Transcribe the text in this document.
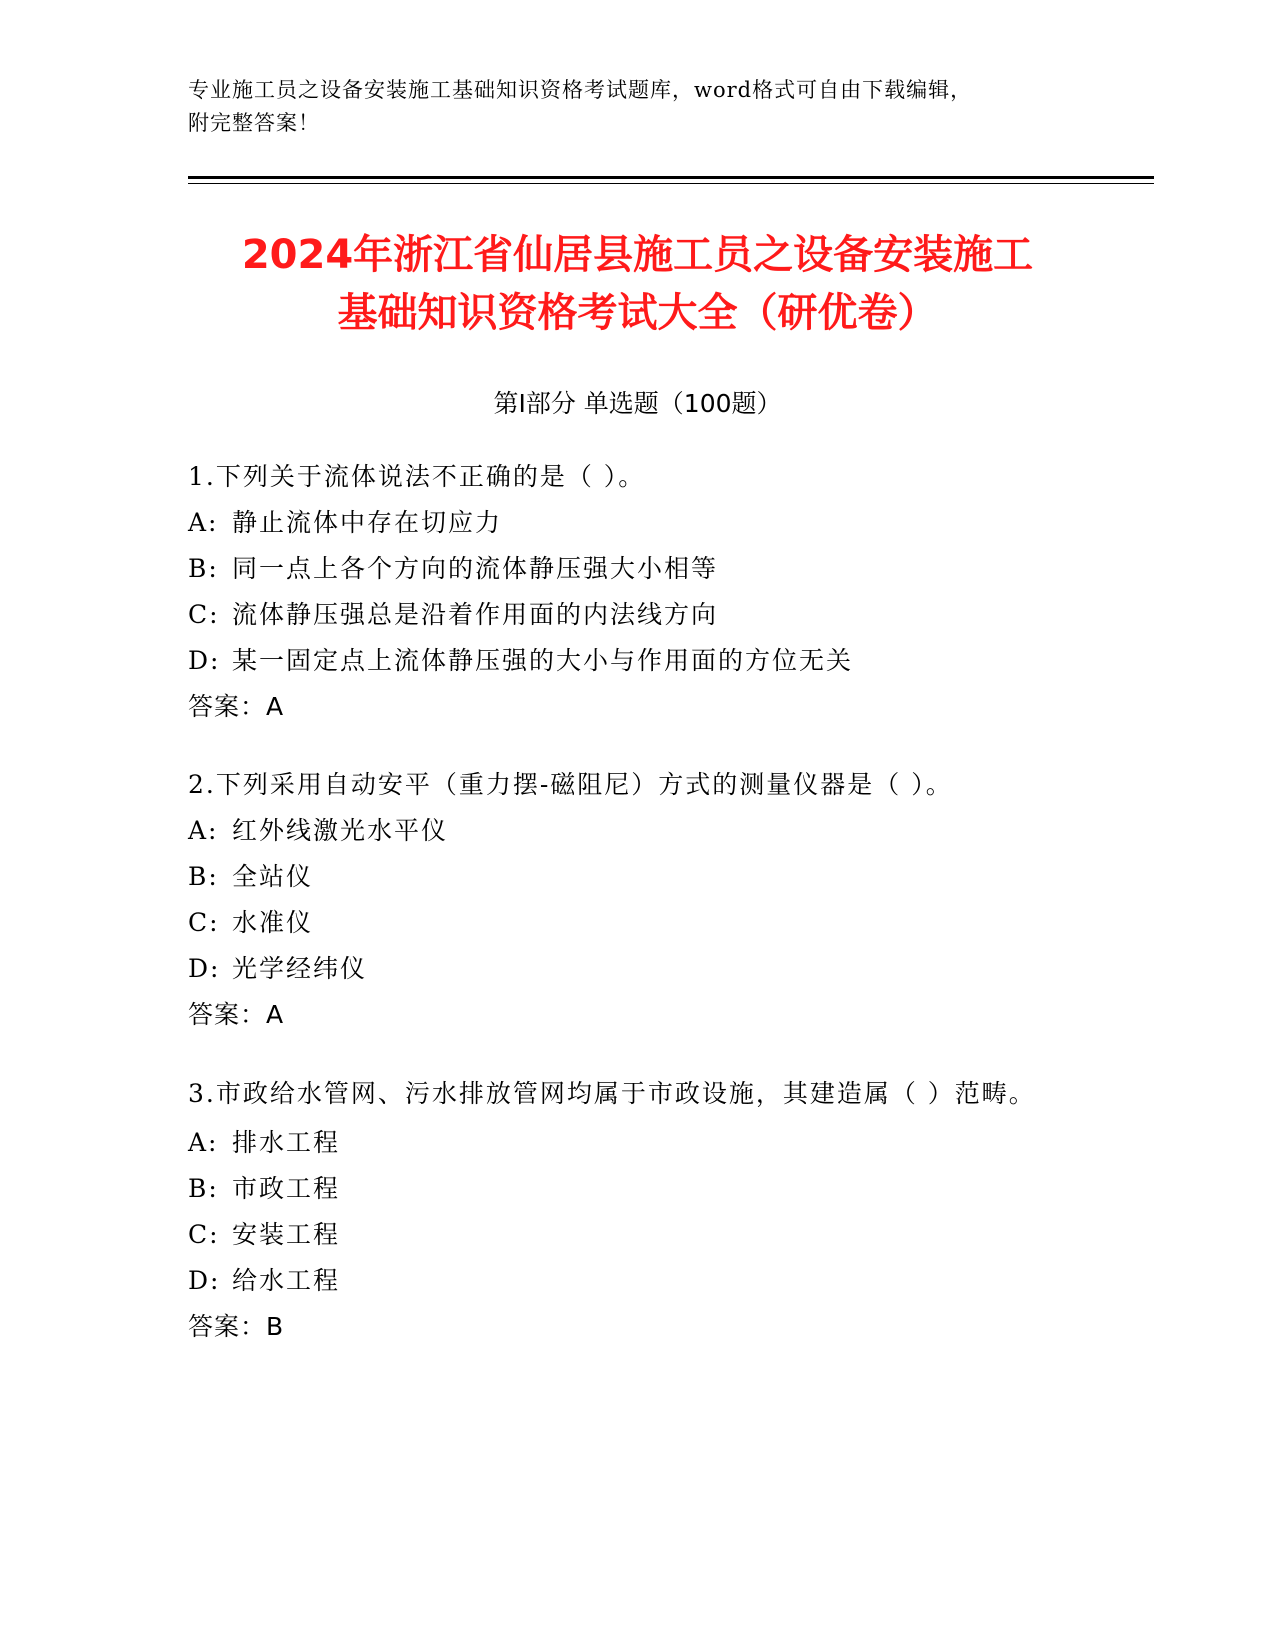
专业施工员之设备安装施工基础知识资格考试题库，word格式可自由下载编辑，
附完整答案！
2024年浙江省仙居县施工员之设备安装施工
基础知识资格考试大全（研优卷）
第Ⅰ部分 单选题（100题）
1.下列关于流体说法不正确的是（ ）。
A: 静止流体中存在切应力
B: 同一点上各个方向的流体静压强大小相等
C: 流体静压强总是沿着作用面的内法线方向
D: 某一固定点上流体静压强的大小与作用面的方位无关
答案：A
2.下列采用自动安平（重力摆-磁阻尼）方式的测量仪器是（ ）。
A: 红外线激光水平仪
B: 全站仪
C: 水准仪
D: 光学经纬仪
答案：A
3.市政给水管网、污水排放管网均属于市政设施，其建造属（ ）范畴。
A: 排水工程
B: 市政工程
C: 安装工程
D: 给水工程
答案：B
